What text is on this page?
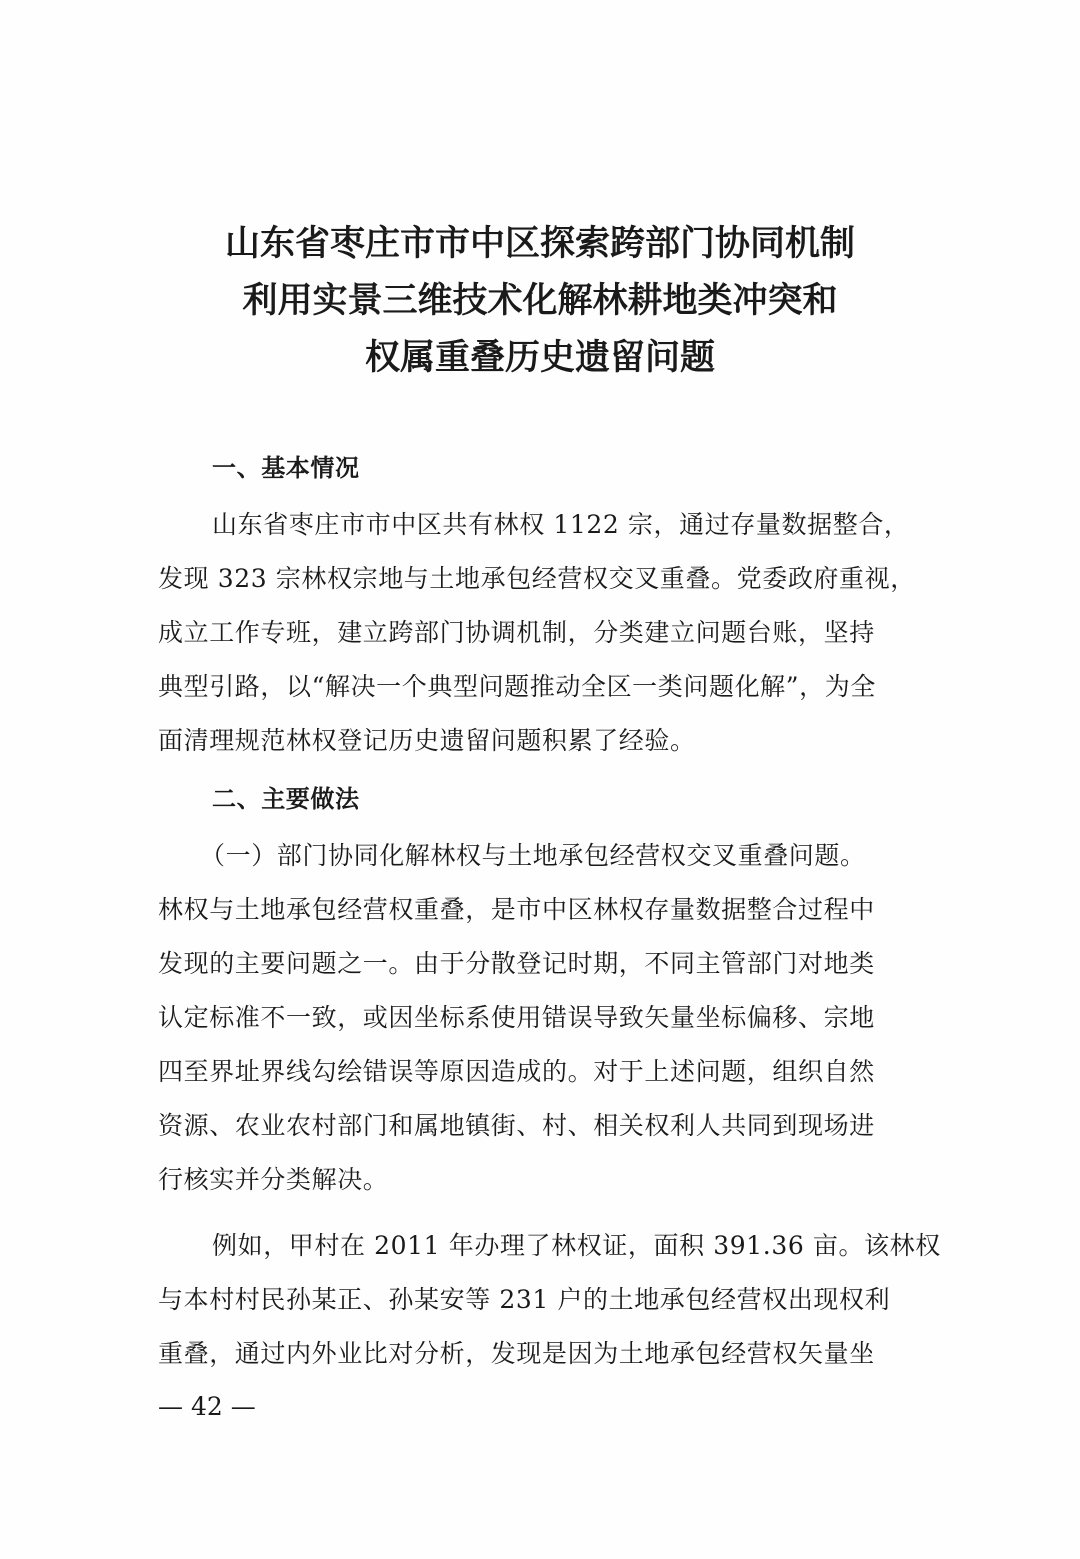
山东省枣庄市市中区探索跨部门协同机制
利用实景三维技术化解林耕地类冲突和
权属重叠历史遗留问题
一、基本情况
山东省枣庄市市中区共有林权 1122 宗，通过存量数据整合，
发现 323 宗林权宗地与土地承包经营权交叉重叠。党委政府重视，
成立工作专班，建立跨部门协调机制，分类建立问题台账，坚持
典型引路，以“解决一个典型问题推动全区一类问题化解”，为全
面清理规范林权登记历史遗留问题积累了经验。
二、主要做法
（一）部门协同化解林权与土地承包经营权交叉重叠问题。
林权与土地承包经营权重叠，是市中区林权存量数据整合过程中
发现的主要问题之一。由于分散登记时期，不同主管部门对地类
认定标准不一致，或因坐标系使用错误导致矢量坐标偏移、宗地
四至界址界线勾绘错误等原因造成的。对于上述问题，组织自然
资源、农业农村部门和属地镇街、村、相关权利人共同到现场进
行核实并分类解决。
例如，甲村在 2011 年办理了林权证，面积 391.36 亩。该林权
与本村村民孙某正、孙某安等 231 户的土地承包经营权出现权利
重叠，通过内外业比对分析，发现是因为土地承包经营权矢量坐
— 42 —
